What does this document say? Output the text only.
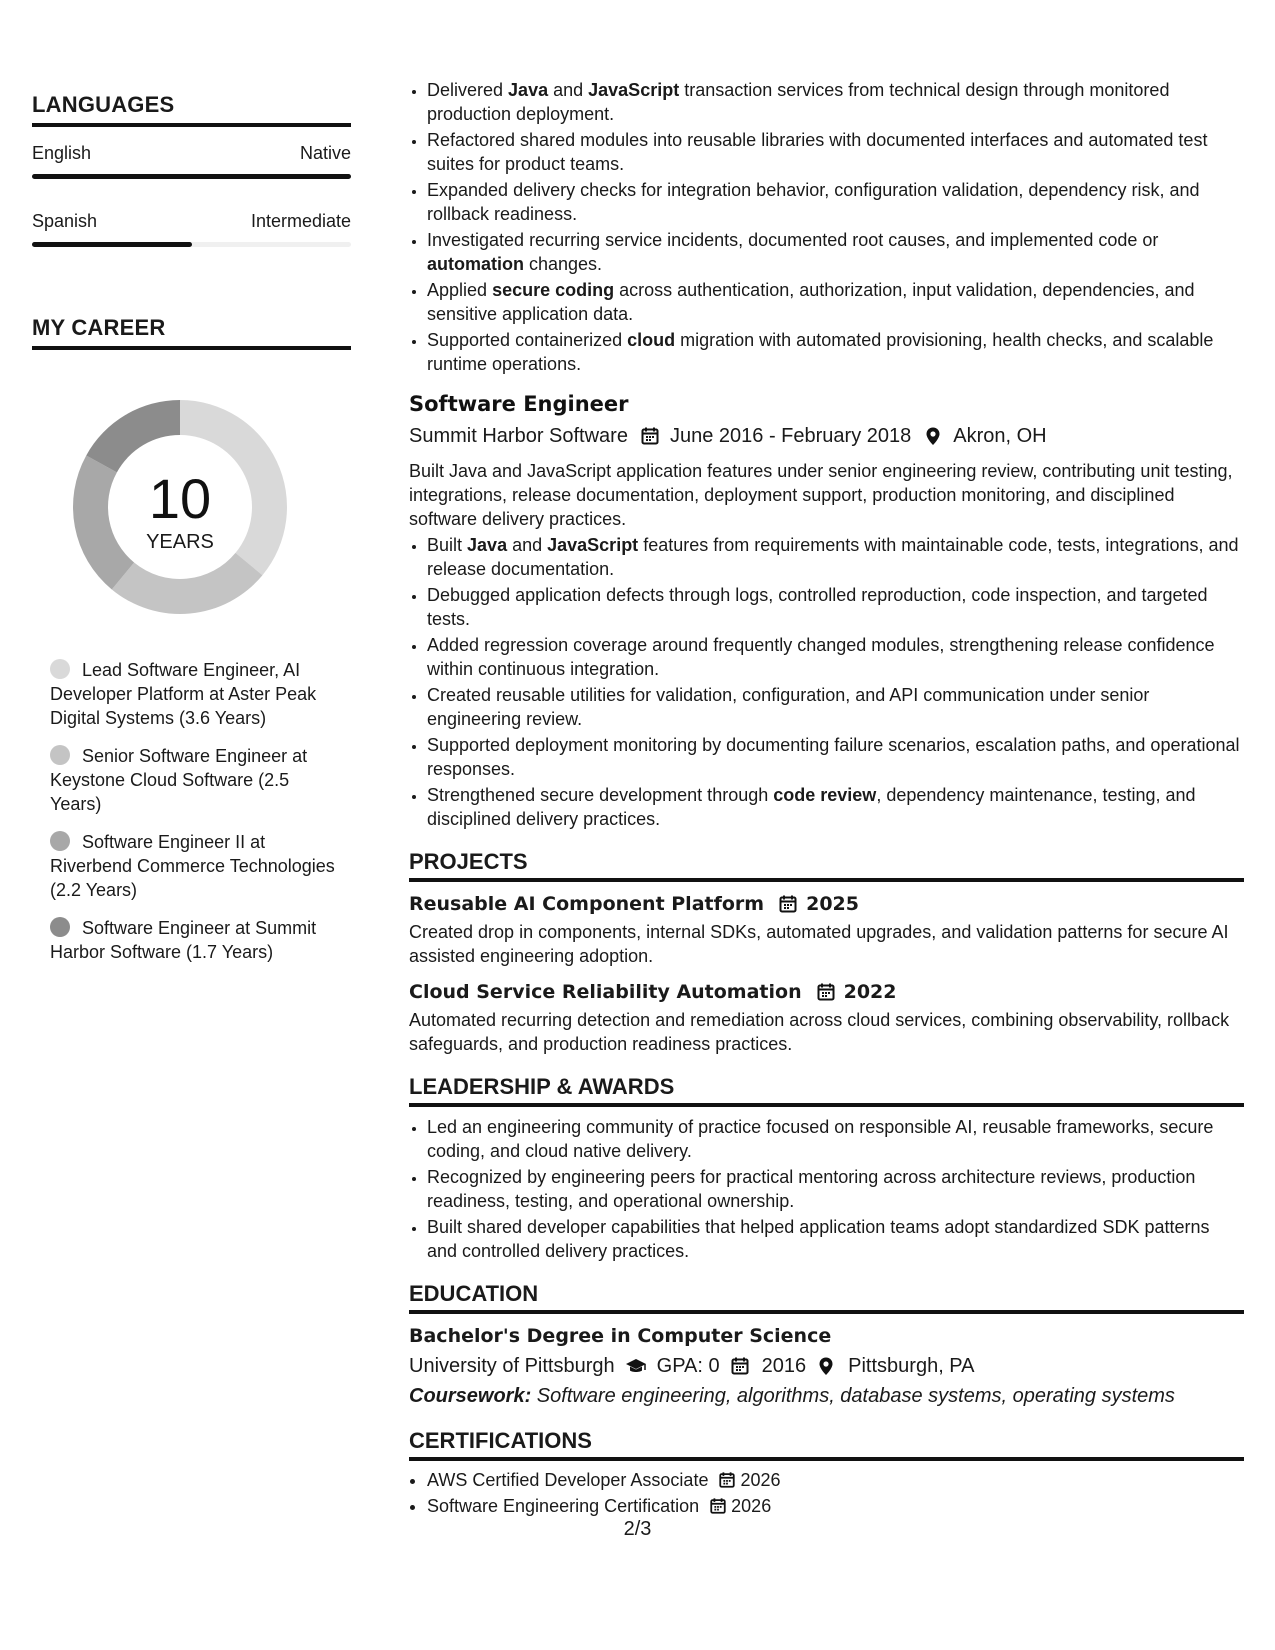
LANGUAGES
English	Native
Spanish	Intermediate
MY CAREER
10
YEARS
Lead Software Engineer, AI Developer Platform at Aster Peak Digital Systems (3.6 Years)
Senior Software Engineer at Keystone Cloud Software (2.5 Years)
Software Engineer II at Riverbend Commerce Technologies (2.2 Years)
Software Engineer at Summit Harbor Software (1.7 Years)
• Delivered Java and JavaScript transaction services from technical design through monitored production deployment.
• Refactored shared modules into reusable libraries with documented interfaces and automated test suites for product teams.
• Expanded delivery checks for integration behavior, configuration validation, dependency risk, and rollback readiness.
• Investigated recurring service incidents, documented root causes, and implemented code or automation changes.
• Applied secure coding across authentication, authorization, input validation, dependencies, and sensitive application data.
• Supported containerized cloud migration with automated provisioning, health checks, and scalable runtime operations.
Software Engineer
Summit Harbor Software June 2016 - February 2018 Akron, OH

Built Java and JavaScript application features under senior engineering review, contributing unit testing, integrations, release documentation, deployment support, production monitoring, and disciplined software delivery practices.

• Built Java and JavaScript features from requirements with maintainable code, tests, integrations, and release documentation.
• Debugged application defects through logs, controlled reproduction, code inspection, and targeted tests.
• Added regression coverage around frequently changed modules, strengthening release confidence within continuous integration.
• Created reusable utilities for validation, configuration, and API communication under senior engineering review.
• Supported deployment monitoring by documenting failure scenarios, escalation paths, and operational responses.
• Strengthened secure development through code review, dependency maintenance, testing, and disciplined delivery practices.
PROJECTS
Reusable AI Component Platform 2025

Created drop in components, internal SDKs, automated upgrades, and validation patterns for secure AI assisted engineering adoption.

Cloud Service Reliability Automation 2022

Automated recurring detection and remediation across cloud services, combining observability, rollback safeguards, and production readiness practices.

LEADERSHIP & AWARDS
• Led an engineering community of practice focused on responsible AI, reusable frameworks, secure coding, and cloud native delivery.
• Recognized by engineering peers for practical mentoring across architecture reviews, production readiness, testing, and operational ownership.
• Built shared developer capabilities that helped application teams adopt standardized SDK patterns and controlled delivery practices.
EDUCATION
Bachelor's Degree in Computer Science
University of Pittsburgh GPA: 0 2016 Pittsburgh, PA
Coursework: Software engineering, algorithms, database systems, operating systems
CERTIFICATIONS
• AWS Certified Developer Associate 2026
• Software Engineering Certification 2026
2/3
